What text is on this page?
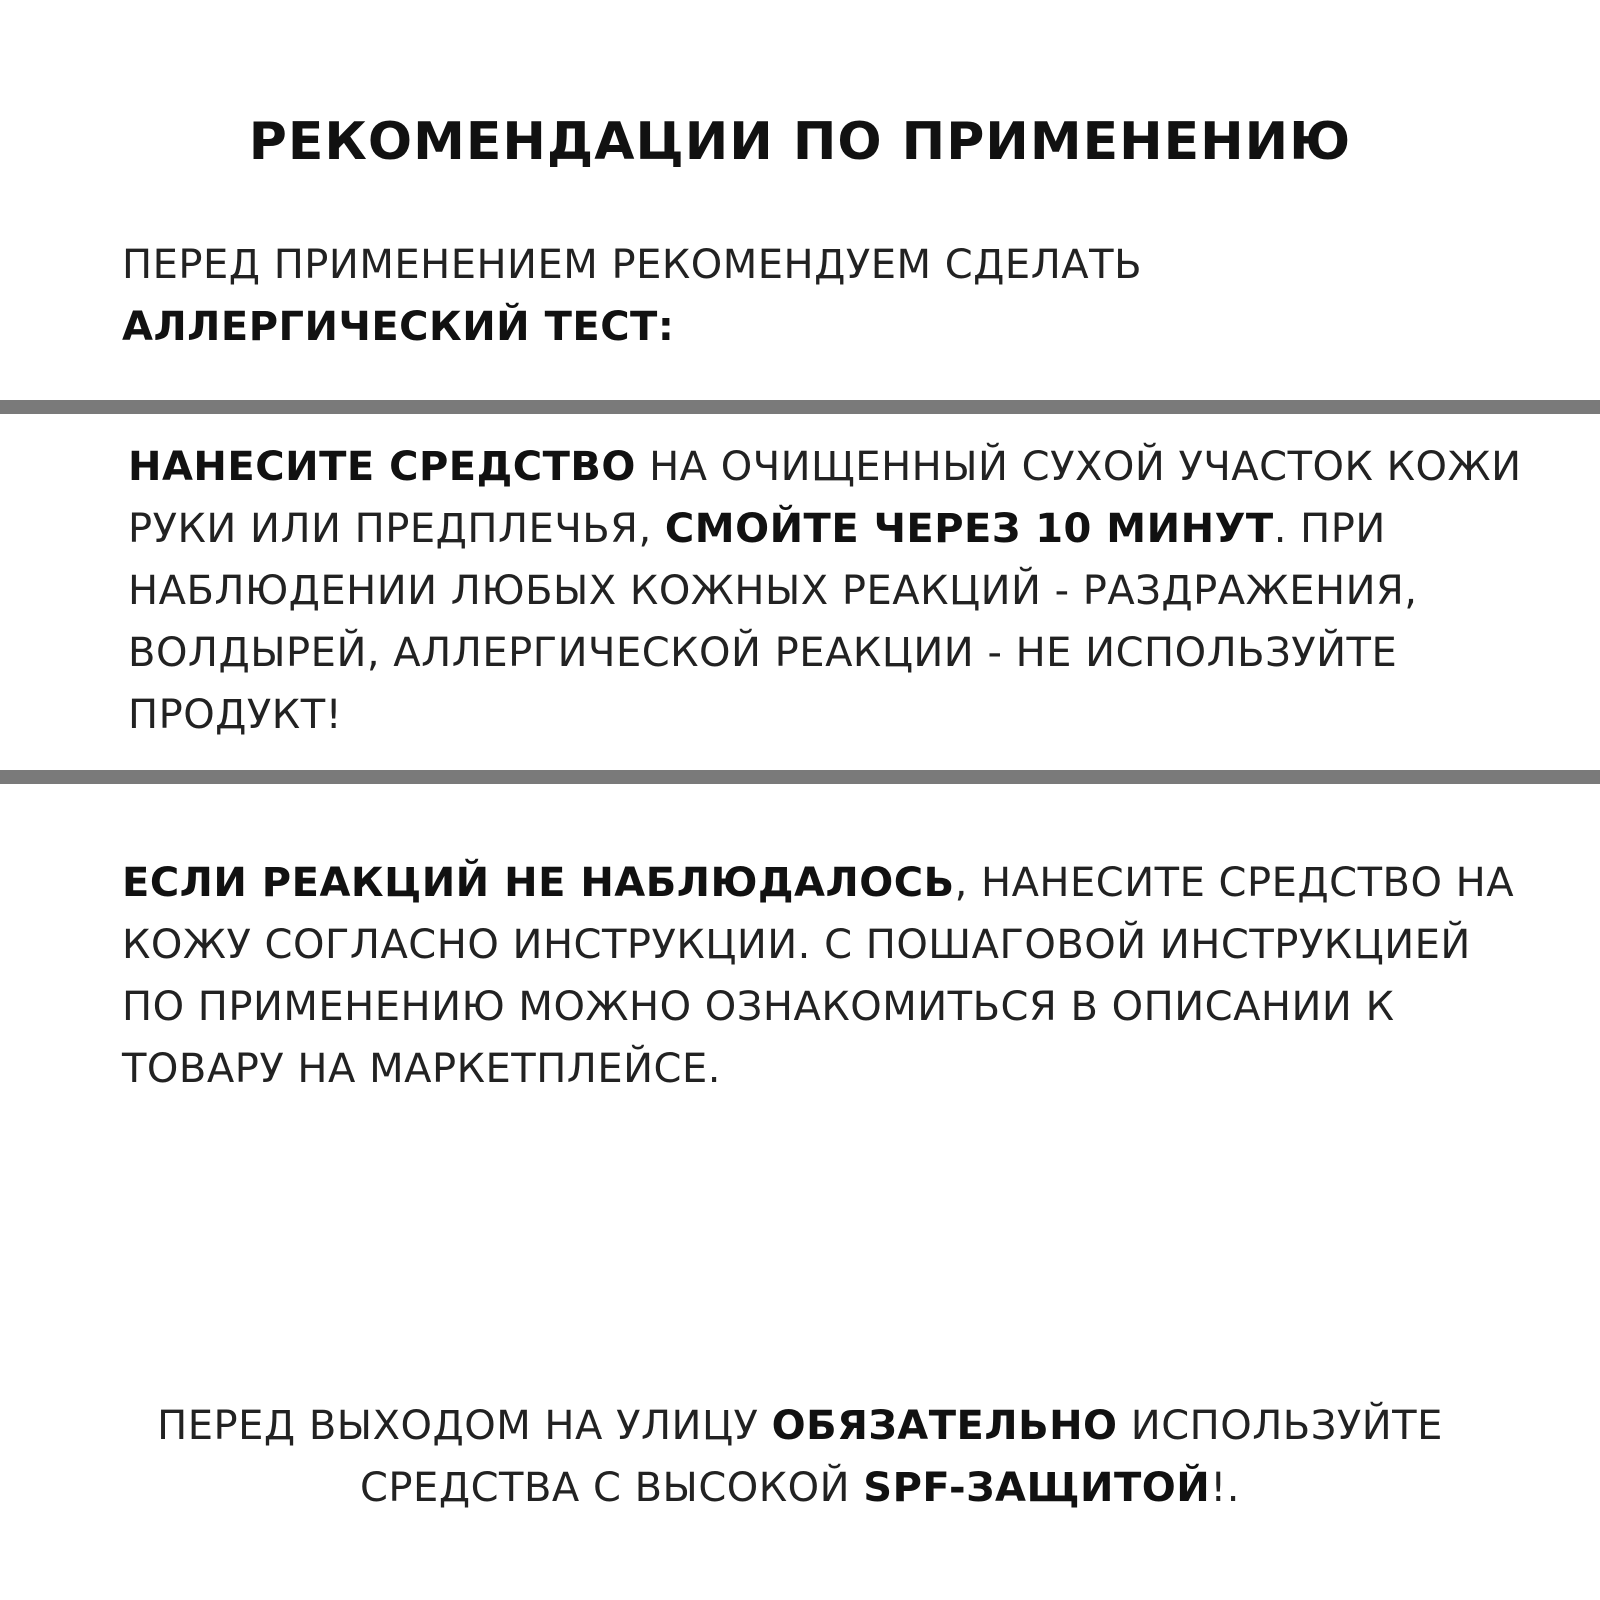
РЕКОМЕНДАЦИИ ПО ПРИМЕНЕНИЮ
ПЕРЕД ПРИМЕНЕНИЕМ РЕКОМЕНДУЕМ СДЕЛАТЬ
АЛЛЕРГИЧЕСКИЙ ТЕСТ:
НАНЕСИТЕ СРЕДСТВО НА ОЧИЩЕННЫЙ СУХОЙ УЧАСТОК КОЖИ РУКИ ИЛИ ПРЕДПЛЕЧЬЯ, СМОЙТЕ ЧЕРЕЗ 10 МИНУТ. ПРИ НАБЛЮДЕНИИ ЛЮБЫХ КОЖНЫХ РЕАКЦИЙ - РАЗДРАЖЕНИЯ, ВОЛДЫРЕЙ, АЛЛЕРГИЧЕСКОЙ РЕАКЦИИ - НЕ ИСПОЛЬЗУЙТЕ ПРОДУКТ!
ЕСЛИ РЕАКЦИЙ НЕ НАБЛЮДАЛОСЬ, НАНЕСИТЕ СРЕДСТВО НА КОЖУ СОГЛАСНО ИНСТРУКЦИИ. С ПОШАГОВОЙ ИНСТРУКЦИЕЙ ПО ПРИМЕНЕНИЮ МОЖНО ОЗНАКОМИТЬСЯ В ОПИСАНИИ К ТОВАРУ НА МАРКЕТПЛЕЙСЕ.
ПЕРЕД ВЫХОДОМ НА УЛИЦУ ОБЯЗАТЕЛЬНО ИСПОЛЬЗУЙТЕ
СРЕДСТВА С ВЫСОКОЙ SPF-ЗАЩИТОЙ!.
